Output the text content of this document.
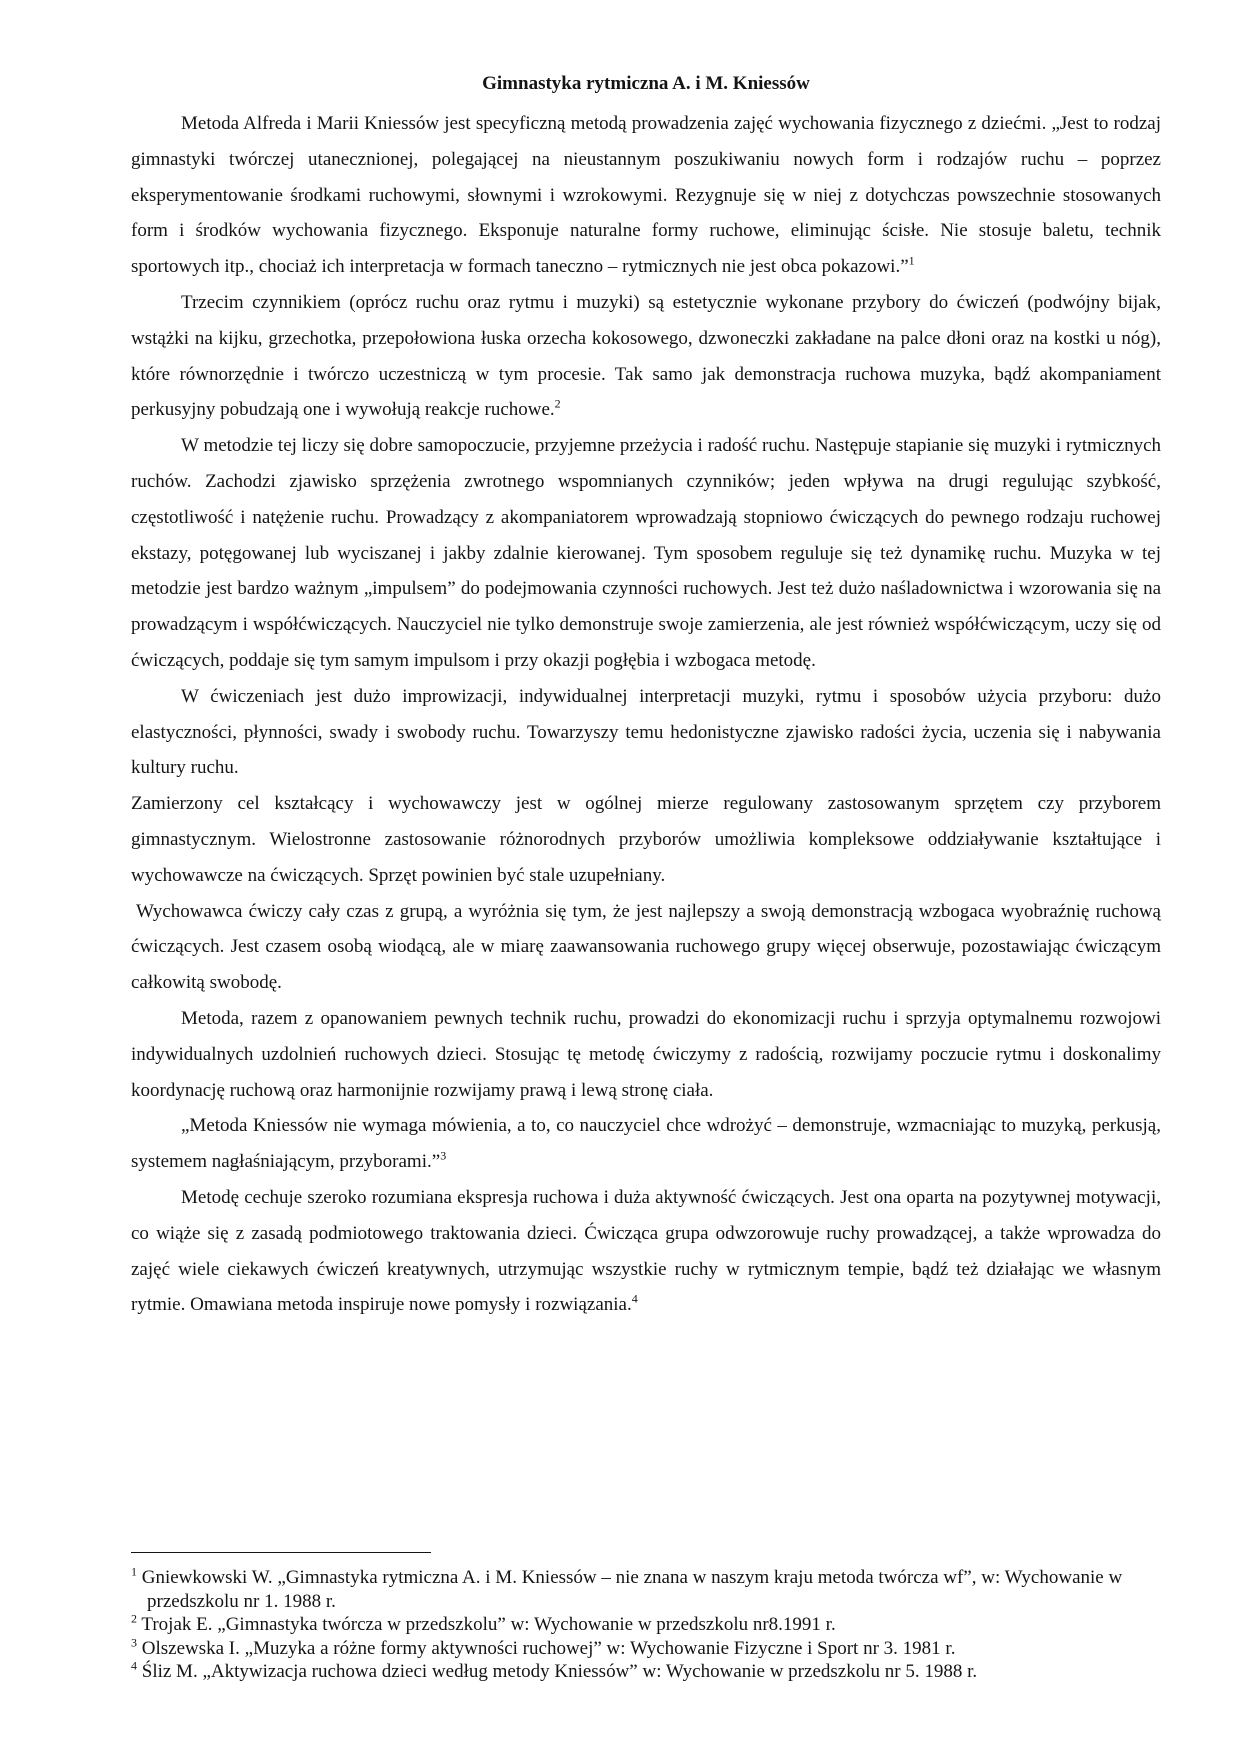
Gimnastyka rytmiczna A. i M. Kniessów

Metoda Alfreda i Marii Kniessów jest specyficzną metodą prowadzenia zajęć wychowania fizycznego z dziećmi. „Jest to rodzaj gimnastyki twórczej utanecznionej, polegającej na nieustannym poszukiwaniu nowych form i rodzajów ruchu – poprzez eksperymentowanie środkami ruchowymi, słownymi i wzrokowymi. Rezygnuje się w niej z dotychczas powszechnie stosowanych form i środków wychowania fizycznego. Eksponuje naturalne formy ruchowe, eliminując ścisłe. Nie stosuje baletu, technik sportowych itp., chociaż ich interpretacja w formach taneczno – rytmicznych nie jest obca pokazowi.”$^1$

Trzecim czynnikiem (oprócz ruchu oraz rytmu i muzyki) są estetycznie wykonane przybory do ćwiczeń (podwójny bijak, wstążki na kijku, grzechotka, przepołowiona łuska orzecha kokosowego, dzwoneczki zakładane na palce dłoni oraz na kostki u nóg), które równorzędnie i twórczo uczestniczą w tym procesie. Tak samo jak demonstracja ruchowa muzyka, bądź akompaniament perkusyjny pobudzają one i wywołują reakcje ruchowe.$^2$

W metodzie tej liczy się dobre samopoczucie, przyjemne przeżycia i radość ruchu. Następuje stapianie się muzyki i rytmicznych ruchów. Zachodzi zjawisko sprzężenia zwrotnego wspomnianych czynników; jeden wpływa na drugi regulując szybkość, częstotliwość i natężenie ruchu. Prowadzący z akompaniatorem wprowadzają stopniowo ćwiczących do pewnego rodzaju ruchowej ekstazy, potęgowanej lub wyciszanej i jakby zdalnie kierowanej. Tym sposobem reguluje się też dynamikę ruchu. Muzyka w tej metodzie jest bardzo ważnym „impulsem” do podejmowania czynności ruchowych. Jest też dużo naśladownictwa i wzorowania się na prowadzącym i współćwiczących. Nauczyciel nie tylko demonstruje swoje zamierzenia, ale jest również współćwiczącym, uczy się od ćwiczących, poddaje się tym samym impulsom i przy okazji pogłębia i wzbogaca metodę.

W ćwiczeniach jest dużo improwizacji, indywidualnej interpretacji muzyki, rytmu i sposobów użycia przyboru: dużo elastyczności, płynności, swady i swobody ruchu. Towarzyszy temu hedonistyczne zjawisko radości życia, uczenia się i nabywania kultury ruchu.

Zamierzony cel kształcący i wychowawczy jest w ogólnej mierze regulowany zastosowanym sprzętem czy przyborem gimnastycznym. Wielostronne zastosowanie różnorodnych przyborów umożliwia kompleksowe oddziaływanie kształtujące i wychowawcze na ćwiczących. Sprzęt powinien być stale uzupełniany.

Wychowawca ćwiczy cały czas z grupą, a wyróżnia się tym, że jest najlepszy a swoją demonstracją wzbogaca wyobraźnię ruchową ćwiczących. Jest czasem osobą wiodącą, ale w miarę zaawansowania ruchowego grupy więcej obserwuje, pozostawiając ćwiczącym całkowitą swobodę.

Metoda, razem z opanowaniem pewnych technik ruchu, prowadzi do ekonomizacji ruchu i sprzyja optymalnemu rozwojowi indywidualnych uzdolnień ruchowych dzieci. Stosując tę metodę ćwiczymy z radością, rozwijamy poczucie rytmu i doskonalimy koordynację ruchową oraz harmonijnie rozwijamy prawą i lewą stronę ciała.

„Metoda Kniessów nie wymaga mówienia, a to, co nauczyciel chce wdrożyć – demonstruje, wzmacniając to muzyką, perkusją, systemem nagłaśniającym, przyborami.”$^3$

Metodę cechuje szeroko rozumiana ekspresja ruchowa i duża aktywność ćwiczących. Jest ona oparta na pozytywnej motywacji, co wiąże się z zasadą podmiotowego traktowania dzieci. Ćwicząca grupa odwzorowuje ruchy prowadzącej, a także wprowadza do zajęć wiele ciekawych ćwiczeń kreatywnych, utrzymując wszystkie ruchy w rytmicznym tempie, bądź też działając we własnym rytmie. Omawiana metoda inspiruje nowe pomysły i rozwiązania.$^4$

$^1$ Gniewkowski W. „Gimnastyka rytmiczna A. i M. Kniessów – nie znana w naszym kraju metoda twórcza wf”, w: Wychowanie w przedszkolu nr 1. 1988 r.

$^2$ Trojak E. „Gimnastyka twórcza w przedszkolu” w: Wychowanie w przedszkolu nr8.1991 r.

$^3$ Olszewska I. „Muzyka a różne formy aktywności ruchowej” w: Wychowanie Fizyczne i Sport nr 3. 1981 r.

$^4$ Śliz M. „Aktywizacja ruchowa dzieci według metody Kniessów” w: Wychowanie w przedszkolu nr 5. 1988 r.
